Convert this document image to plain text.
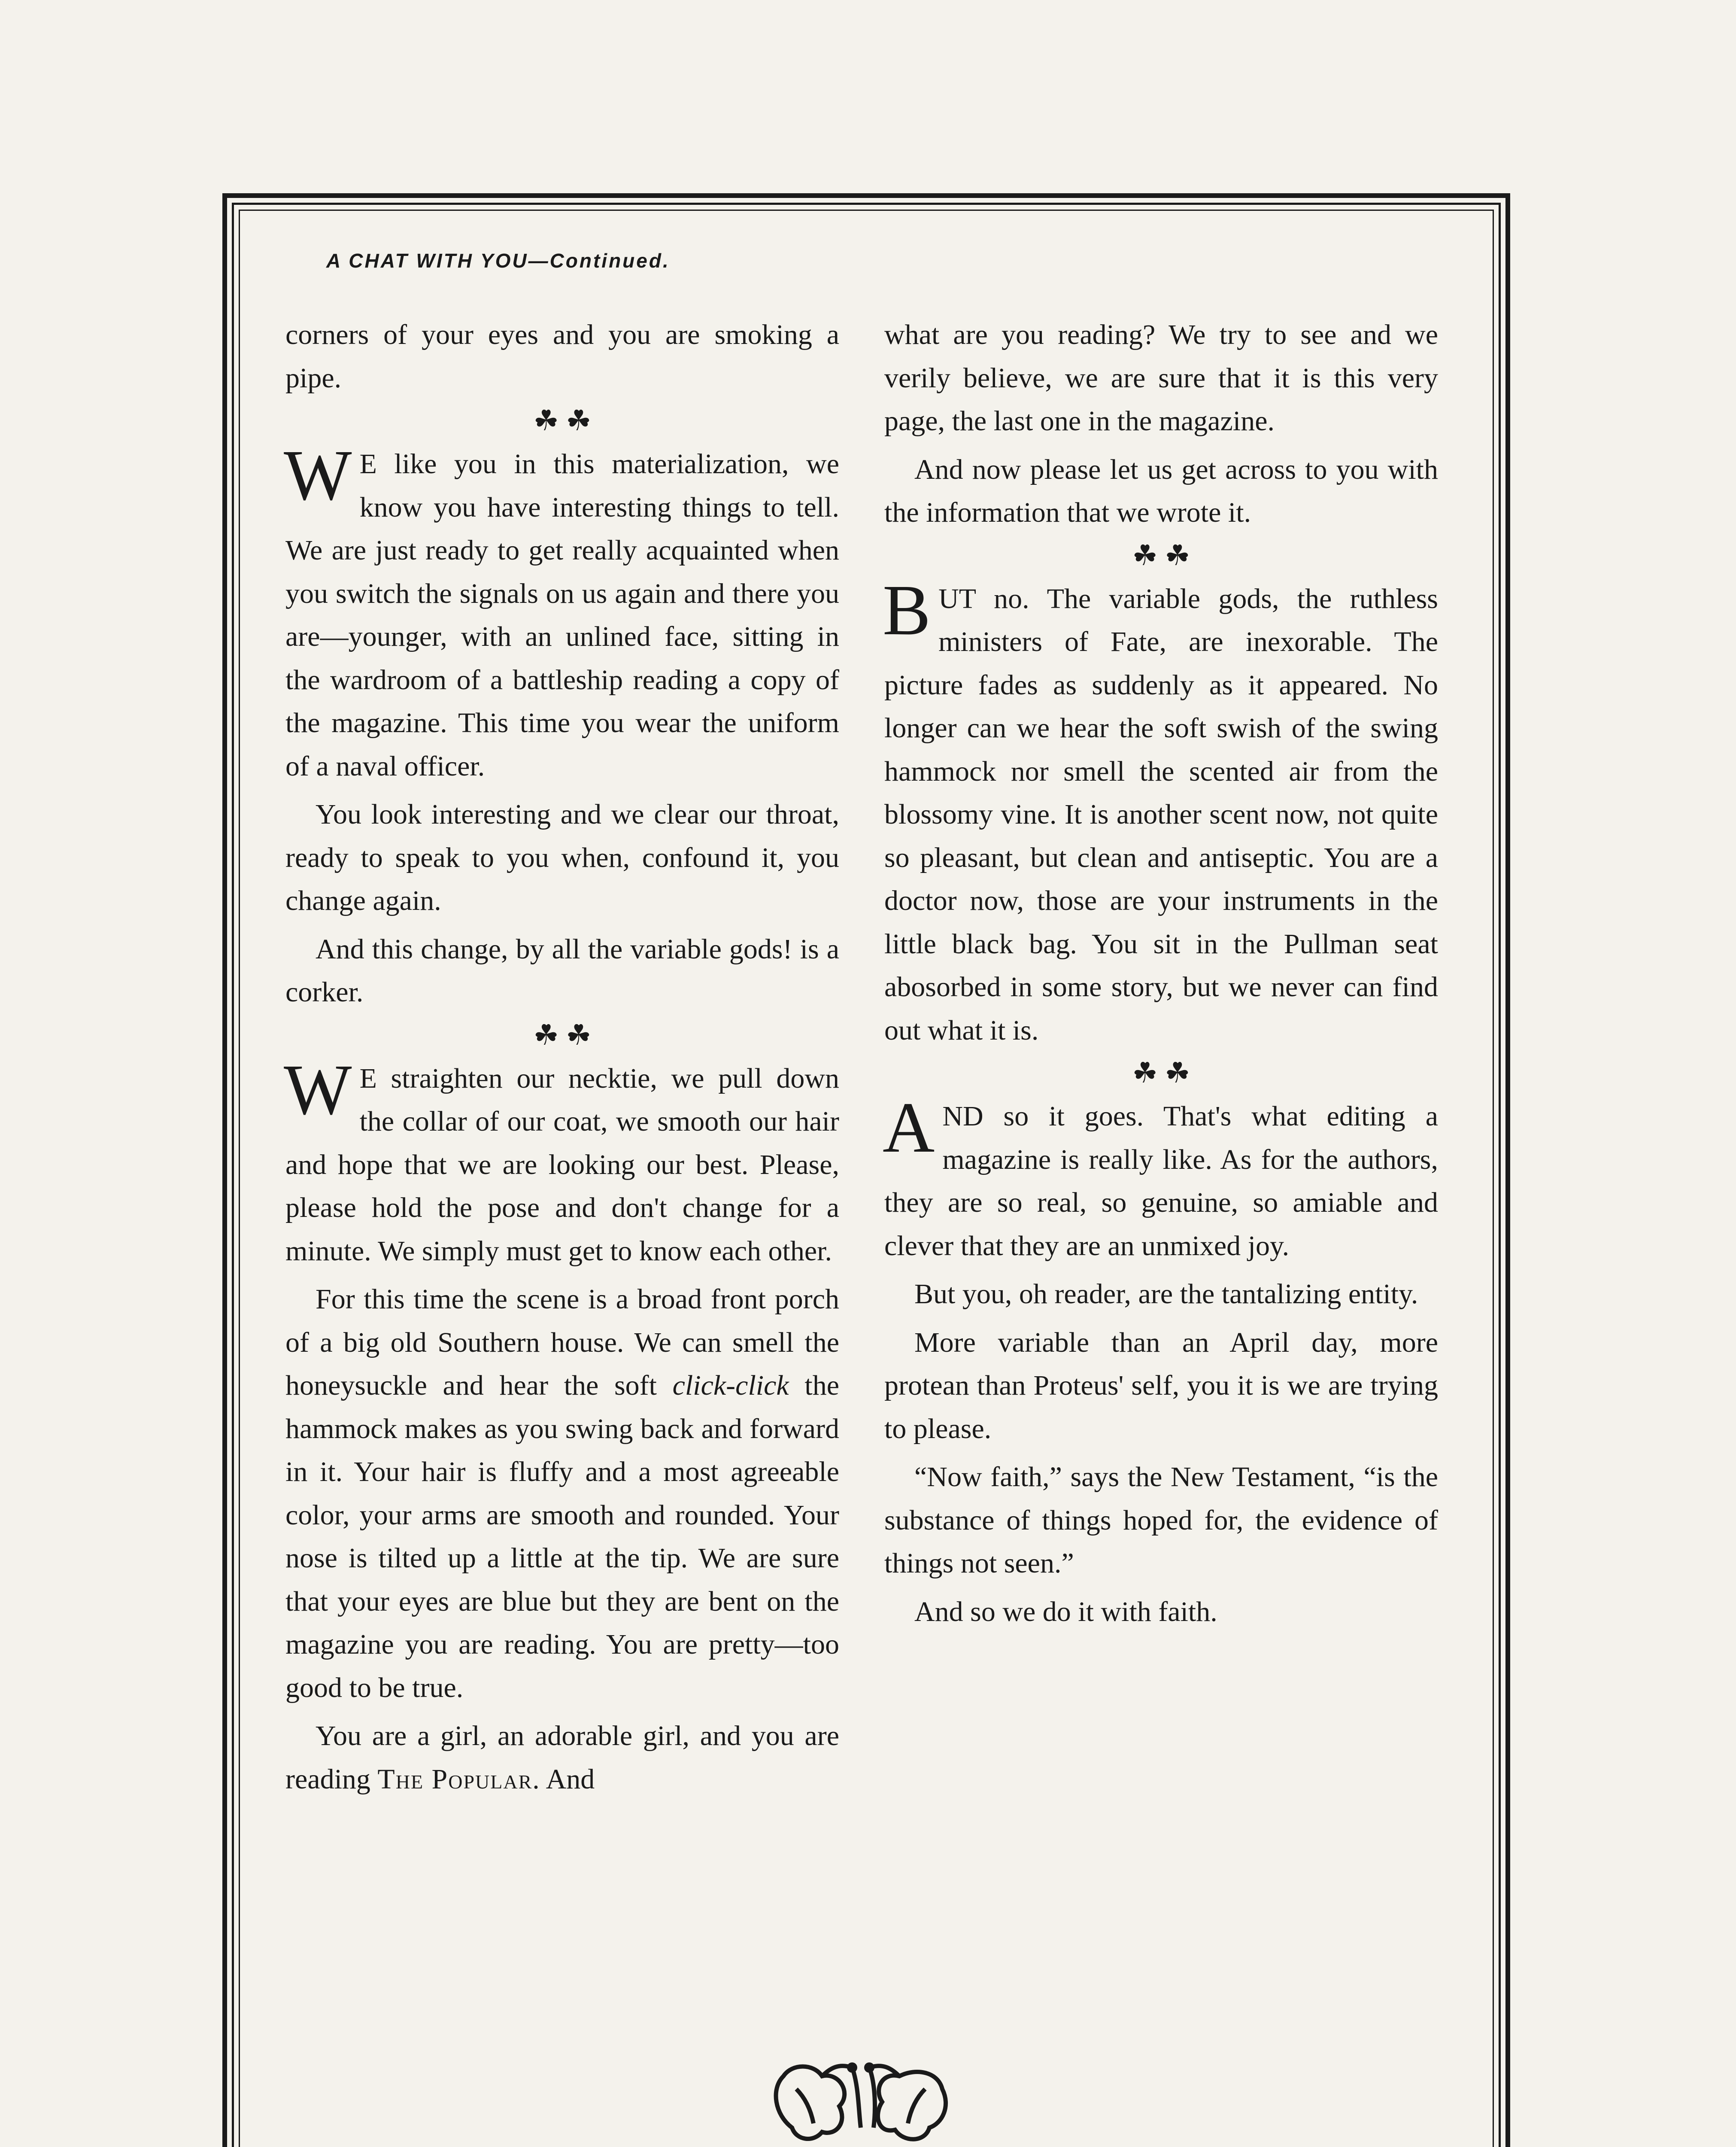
A CHAT WITH YOU—Continued.

corners of your eyes and you are smoking a pipe.

☘ ☘

W E like you in this materialization, we know you have interesting things to tell. We are just ready to get really acquainted when you switch the signals on us again and there you are—younger, with an unlined face, sitting in the wardroom of a battleship reading a copy of the magazine. This time you wear the uniform of a naval officer.

You look interesting and we clear our throat, ready to speak to you when, confound it, you change again.

And this change, by all the variable gods! is a corker.

☘ ☘

W E straighten our necktie, we pull down the collar of our coat, we smooth our hair and hope that we are looking our best. Please, please hold the pose and don't change for a minute. We simply must get to know each other.

For this time the scene is a broad front porch of a big old Southern house. We can smell the honeysuckle and hear the soft click-click the hammock makes as you swing back and forward in it. Your hair is fluffy and a most agreeable color, your arms are smooth and rounded. Your nose is tilted up a little at the tip. We are sure that your eyes are blue but they are bent on the magazine you are reading. You are pretty—too good to be true.

You are a girl, an adorable girl, and you are reading The Popular. And

what are you reading? We try to see and we verily believe, we are sure that it is this very page, the last one in the magazine.

And now please let us get across to you with the information that we wrote it.

☘ ☘

BUT no. The variable gods, the ruthless ministers of Fate, are inexorable. The picture fades as suddenly as it appeared. No longer can we hear the soft swish of the swing hammock nor smell the scented air from the blossomy vine. It is another scent now, not quite so pleasant, but clean and antiseptic. You are a doctor now, those are your instruments in the little black bag. You sit in the Pullman seat abosorbed in some story, but we never can find out what it is.

☘ ☘

AND so it goes. That's what editing a magazine is really like. As for the authors, they are so real, so genuine, so amiable and clever that they are an unmixed joy.

But you, oh reader, are the tantalizing entity.

More variable than an April day, more protean than Proteus' self, you it is we are trying to please.

“Now faith,” says the New Testament, “is the substance of things hoped for, the evidence of things not seen.”

And so we do it with faith.
